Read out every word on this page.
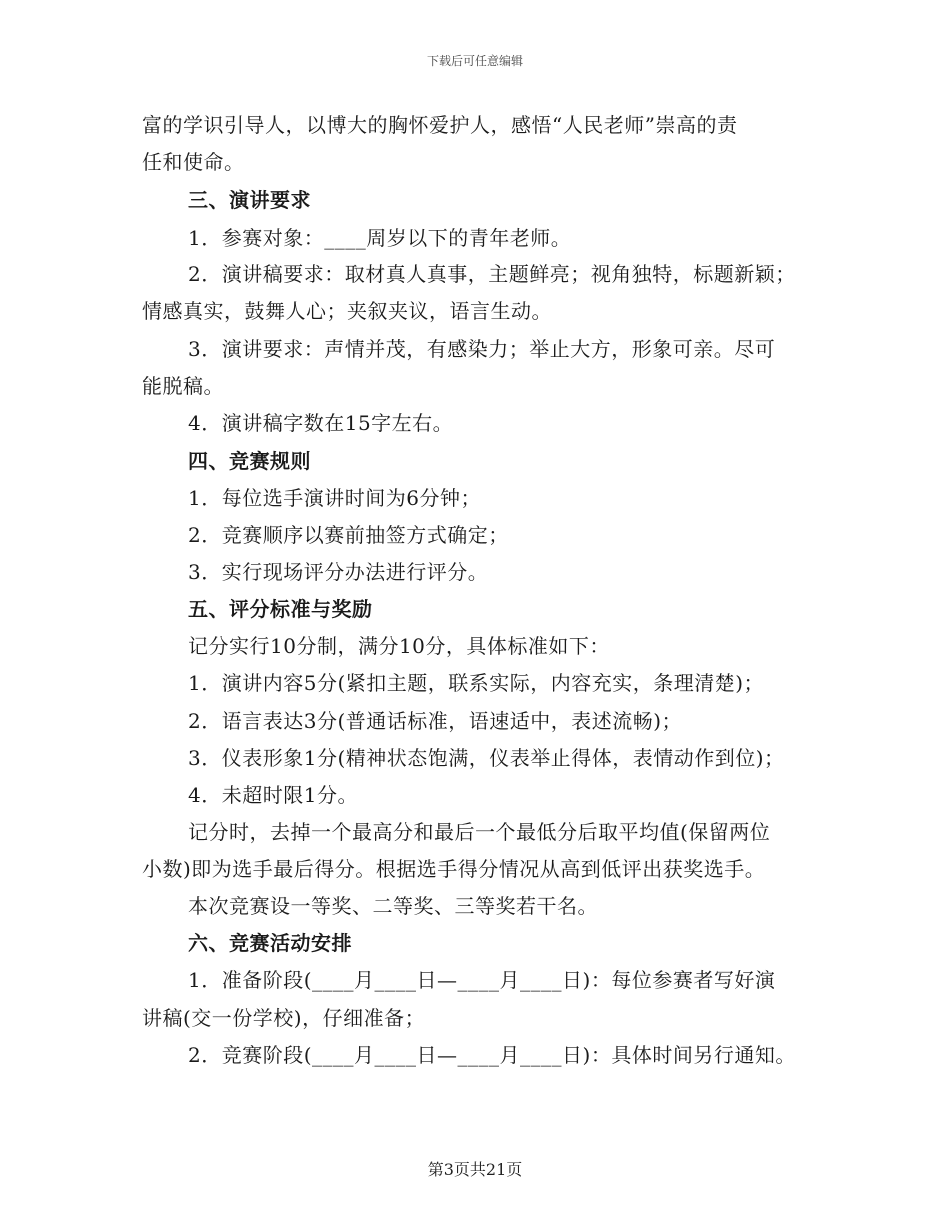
下载后可任意编辑
富的学识引导人，以博大的胸怀爱护人，感悟“人民老师”崇高的责
任和使命。
三、演讲要求
1．参赛对象：____周岁以下的青年老师。
2．演讲稿要求：取材真人真事，主题鲜亮；视角独特，标题新颖；
情感真实，鼓舞人心；夹叙夹议，语言生动。
3．演讲要求：声情并茂，有感染力；举止大方，形象可亲。尽可
能脱稿。
4．演讲稿字数在15字左右。
四、竞赛规则
1．每位选手演讲时间为6分钟；
2．竞赛顺序以赛前抽签方式确定；
3．实行现场评分办法进行评分。
五、评分标准与奖励
记分实行10分制，满分10分，具体标准如下：
1．演讲内容5分(紧扣主题，联系实际，内容充实，条理清楚)；
2．语言表达3分(普通话标准，语速适中，表述流畅)；
3．仪表形象1分(精神状态饱满，仪表举止得体，表情动作到位)；
4．未超时限1分。
记分时，去掉一个最高分和最后一个最低分后取平均值(保留两位
小数)即为选手最后得分。根据选手得分情况从高到低评出获奖选手。
本次竞赛设一等奖、二等奖、三等奖若干名。
六、竞赛活动安排
1．准备阶段(____月____日—____月____日)：每位参赛者写好演
讲稿(交一份学校)，仔细准备；
2．竞赛阶段(____月____日—____月____日)：具体时间另行通知。
第3页共21页
